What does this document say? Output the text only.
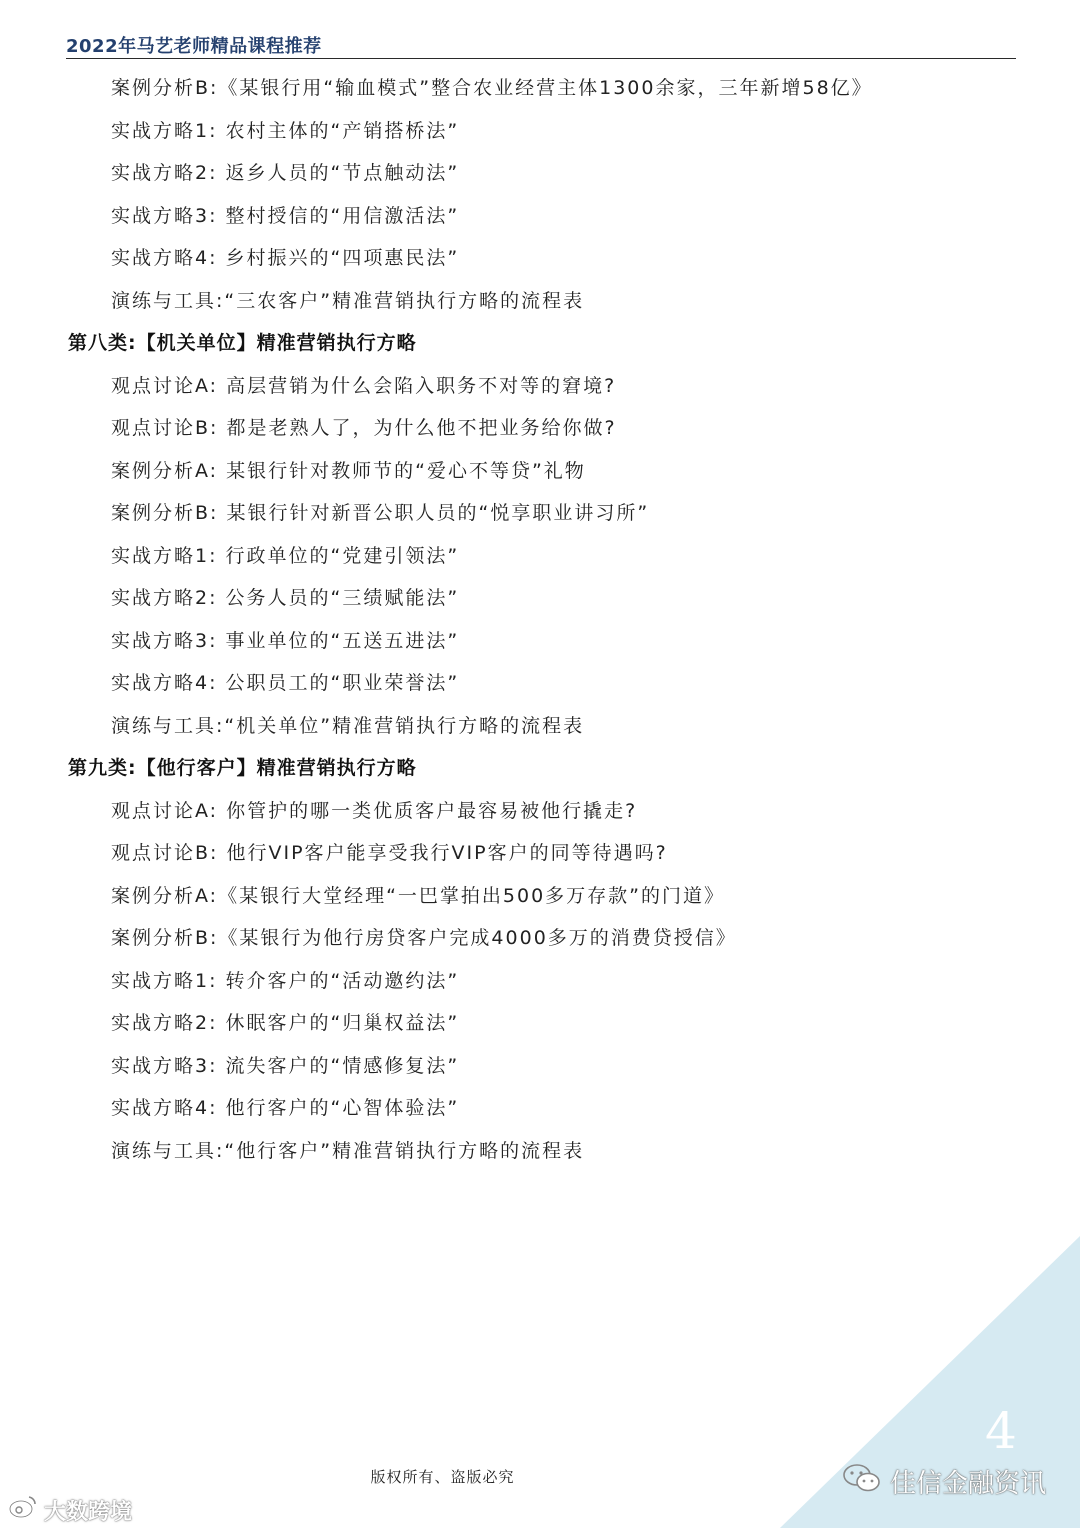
2022年马艺老师精品课程推荐
案例分析B:《某银行用“输血模式”整合农业经营主体1300余家，三年新增58亿》
实战方略1: 农村主体的“产销搭桥法”
实战方略2: 返乡人员的“节点触动法”
实战方略3: 整村授信的“用信激活法”
实战方略4: 乡村振兴的“四项惠民法”
演练与工具:“三农客户”精准营销执行方略的流程表
第八类:【机关单位】精准营销执行方略
观点讨论A: 高层营销为什么会陷入职务不对等的窘境?
观点讨论B: 都是老熟人了，为什么他不把业务给你做?
案例分析A: 某银行针对教师节的“爱心不等贷”礼物
案例分析B: 某银行针对新晋公职人员的“悦享职业讲习所”
实战方略1: 行政单位的“党建引领法”
实战方略2: 公务人员的“三绩赋能法”
实战方略3: 事业单位的“五送五进法”
实战方略4: 公职员工的“职业荣誉法”
演练与工具:“机关单位”精准营销执行方略的流程表
第九类:【他行客户】精准营销执行方略
观点讨论A: 你管护的哪一类优质客户最容易被他行撬走?
观点讨论B: 他行VIP客户能享受我行VIP客户的同等待遇吗?
案例分析A:《某银行大堂经理“一巴掌拍出500多万存款”的门道》
案例分析B:《某银行为他行房贷客户完成4000多万的消费贷授信》
实战方略1: 转介客户的“活动邀约法”
实战方略2: 休眠客户的“归巢权益法”
实战方略3: 流失客户的“情感修复法”
实战方略4: 他行客户的“心智体验法”
演练与工具:“他行客户”精准营销执行方略的流程表
4
版权所有、盗版必究
大数跨境
佳信金融资讯
